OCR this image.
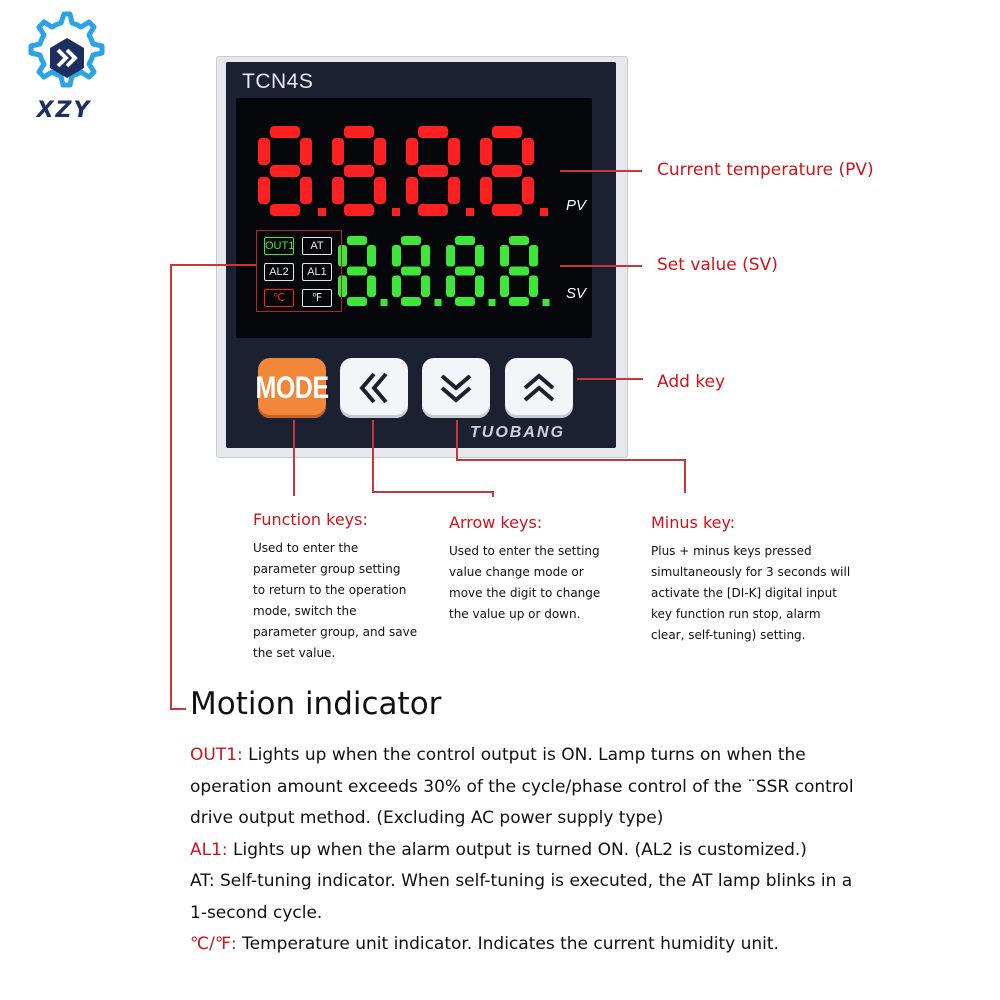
XZY
TCN4S
PV
SV
OUT1	AT
AL2	AL1
℃	℉
MODE
TUOBANG
Current temperature (PV)
Set value (SV)
Add key
Function keys:
Used to enter the
parameter group setting
to return to the operation
mode, switch the
parameter group, and save
the set value.
Arrow keys:
Used to enter the setting
value change mode or
move the digit to change
the value up or down.
Minus key:
Plus + minus keys pressed
simultaneously for 3 seconds will
activate the [DI-K] digital input
key function run stop, alarm
clear, self-tuning) setting.
Motion indicator
OUT1: Lights up when the control output is ON. Lamp turns on when the
operation amount exceeds 30% of the cycle/phase control of the ¨SSR control
drive output method. (Excluding AC power supply type)
AL1: Lights up when the alarm output is turned ON. (AL2 is customized.)
AT: Self-tuning indicator. When self-tuning is executed, the AT lamp blinks in a
1-second cycle.
℃/℉: Temperature unit indicator. Indicates the current humidity unit.
